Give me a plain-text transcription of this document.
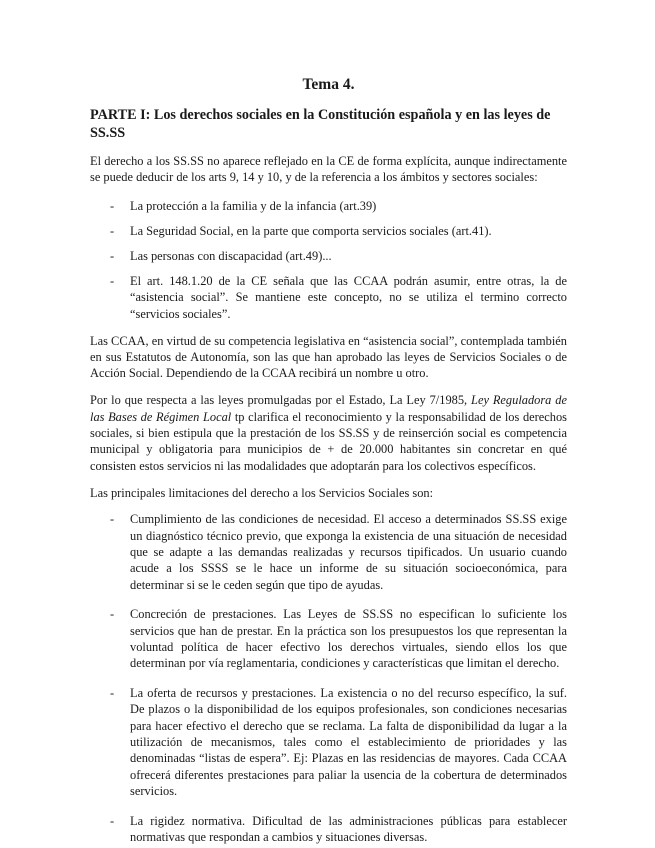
Tema 4.
PARTE I: Los derechos sociales en la Constitución española y en las leyes de SS.SS

El derecho a los SS.SS no aparece reflejado en la CE de forma explícita, aunque indirectamente se puede deducir de los arts 9, 14 y 10, y de la referencia a los ámbitos y sectores sociales:

- La protección a la familia y de la infancia (art.39)
- La Seguridad Social, en la parte que comporta servicios sociales (art.41).
- Las personas con discapacidad (art.49)...
- El art. 148.1.20 de la CE señala que las CCAA podrán asumir, entre otras, la de “asistencia social”. Se mantiene este concepto, no se utiliza el termino correcto “servicios sociales”.

Las CCAA, en virtud de su competencia legislativa en “asistencia social”, contemplada también en sus Estatutos de Autonomía, son las que han aprobado las leyes de Servicios Sociales o de Acción Social. Dependiendo de la CCAA recibirá un nombre u otro.

Por lo que respecta a las leyes promulgadas por el Estado, La Ley 7/1985, Ley Reguladora de las Bases de Régimen Local tp clarifica el reconocimiento y la responsabilidad de los derechos sociales, si bien estipula que la prestación de los SS.SS y de reinserción social es competencia municipal y obligatoria para municipios de + de 20.000 habitantes sin concretar en qué consisten estos servicios ni las modalidades que adoptarán para los colectivos específicos.

Las principales limitaciones del derecho a los Servicios Sociales son:

- Cumplimiento de las condiciones de necesidad. El acceso a determinados SS.SS exige un diagnóstico técnico previo, que exponga la existencia de una situación de necesidad que se adapte a las demandas realizadas y recursos tipificados. Un usuario cuando acude a los SSSS se le hace un informe de su situación socioeconómica, para determinar si se le ceden según que tipo de ayudas.
- Concreción de prestaciones. Las Leyes de SS.SS no especifican lo suficiente los servicios que han de prestar. En la práctica son los presupuestos los que representan la voluntad política de hacer efectivo los derechos virtuales, siendo ellos los que determinan por vía reglamentaria, condiciones y características que limitan el derecho.
- La oferta de recursos y prestaciones. La existencia o no del recurso específico, la suf. De plazos o la disponibilidad de los equipos profesionales, son condiciones necesarias para hacer efectivo el derecho que se reclama. La falta de disponibilidad da lugar a la utilización de mecanismos, tales como el establecimiento de prioridades y las denominadas “listas de espera”. Ej: Plazas en las residencias de mayores. Cada CCAA ofrecerá diferentes prestaciones para paliar la usencia de la cobertura de determinados servicios.
- La rigidez normativa. Dificultad de las administraciones públicas para establecer normativas que respondan a cambios y situaciones diversas.
